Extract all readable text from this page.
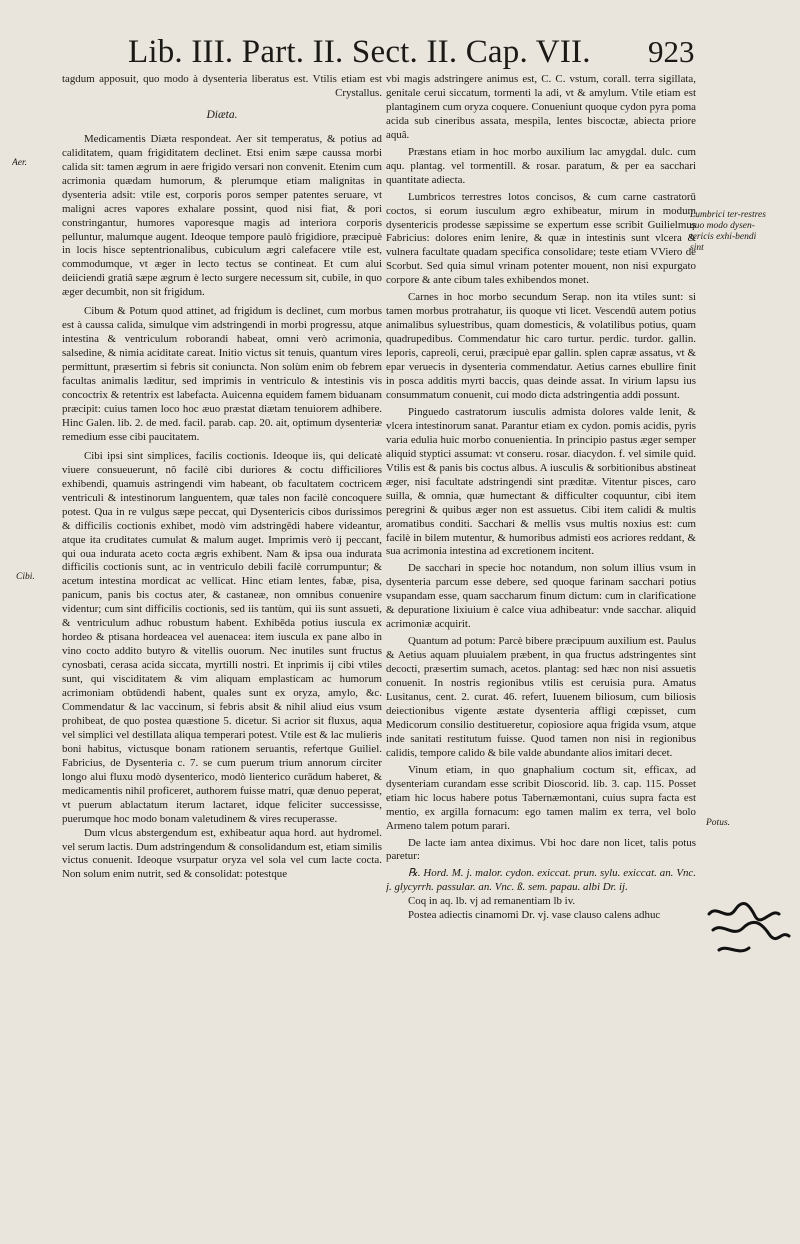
Lib. III. Part. II. Sect. II. Cap. VII. 923
Aer.
Cibi.
Lumbrici ter-restres quo modo dysen-tericis exhi-bendi sint
Potus.

tagdum apposuit, quo modo à dysenteria liberatus est. Vtilis etiam est Crystallus.

Diæta.

Medicamentis Diæta respondeat. Aer sit temperatus, & potius ad caliditatem, quam frigiditatem declinet. Etsi enim sæpe caussa morbi calida sit: tamen ægrum in aere frigido versari non convenit. Etenim cum acrimonia quædam humorum, & plerumque etiam malignitas in dysenteria adsit: vtile est, corporis poros semper patentes seruare, vt maligni acres vapores exhalare possint, quod nisi fiat, & pori constringantur, humores vaporesque magis ad interiora corporis pelluntur, malumque augent. Ideoque tempore paulò frigidiore, præcipuè in locis hisce septentrionalibus, cubiculum ægri calefacere vtile est, commodumque, vt æger in lecto tectus se contineat. Et cum alui deiiciendi gratiâ sæpe ægrum è lecto surgere necessum sit, cubile, in quo æger decumbit, non sit frigidum.

Cibum & Potum quod attinet, ad frigidum is declinet, cum morbus est à caussa calida, simulque vim adstringendi in morbi progressu, atque intestina & ventriculum roborandi habeat, omni verò acrimonia, salsedine, & nimia aciditate careat. Initio victus sit tenuis, quantum vires permittunt, præsertim si febris sit coniuncta. Non solùm enim ob febrem facultas animalis læditur, sed imprimis in ventriculo & intestinis vis concoctrix & retentrix est labefacta. Auicenna equidem famem biduanam præcipit: cuius tamen loco hoc æuo præstat diætam tenuiorem adhibere. Hinc Galen. lib. 2. de med. facil. parab. cap. 20. ait, optimum dysenteriæ remedium esse cibi paucitatem.

Cibi ipsi sint simplices, facilis coctionis. Ideoque iis, qui delicatè viuere consueuerunt, nõ facilè cibi duriores & coctu difficiliores exhibendi, quamuis astringendi vim habeant, ob facultatem coctricem ventriculi & intestinorum languentem, quæ tales non facilè concoquere potest. Qua in re vulgus sæpe peccat, qui Dysentericis cibos durissimos & difficilis coctionis exhibet, modò vim adstringēdi habere videantur, atque ita cruditates cumulat & malum auget. Imprimis verò ij peccant, qui oua indurata aceto cocta ægris exhibent. Nam & ipsa oua indurata difficilis coctionis sunt, ac in ventriculo debili facilè corrumpuntur; & acetum intestina mordicat ac vellicat. Hinc etiam lentes, fabæ, pisa, panicum, panis bis coctus ater, & castaneæ, non omnibus conuenire videntur; cum sint difficilis coctionis, sed iis tantùm, qui iis sunt assueti, & ventriculum adhuc robustum habent. Exhibēda potius iuscula ex hordeo & ptisana hordeacea vel auenacea: item iuscula ex pane albo in vino cocto addito butyro & vitellis ouorum. Nec inutiles sunt fructus cynosbati, cerasa acida siccata, myrtilli nostri. Et inprimis ij cibi vtiles sunt, qui visciditatem & vim aliquam emplasticam ac humorum acrimoniam obtūdendi habent, quales sunt ex oryza, amylo, &c. Commendatur & lac vaccinum, si febris absit & nihil aliud eius vsum prohibeat, de quo postea quæstione 5. dicetur. Si acrior sit fluxus, aqua vel simplici vel destillata aliqua temperari potest. Vtile est & lac mulieris boni habitus, victusque bonam rationem seruantis, refertque Guiliel. Fabricius, de Dysenteria c. 7. se cum puerum trium annorum circiter longo alui fluxu modò dysenterico, modò lienterico curādum haberet, & medicamentis nihil proficeret, authorem fuisse matri, quæ denuo peperat, vt puerum ablactatum iterum lactaret, idque feliciter successisse, puerumque hoc modo bonam valetudinem & vires recuperasse.

Dum vlcus abstergendum est, exhibeatur aqua hord. aut hydromel. vel serum lactis. Dum adstringendum & consolidandum est, etiam similis victus conuenit. Ideoque vsurpatur oryza vel sola vel cum lacte cocta. Non solum enim nutrit, sed & consolidat: potestque

vbi magis adstringere animus est, C. C. vstum, corall. terra sigillata, genitale cerui siccatum, tormenti la adi, vt & amylum. Vtile etiam est plantaginem cum oryza coquere. Conueniunt quoque cydon pyra poma acida sub cineribus assata, mespila, lentes biscoctæ, abiecta priore aquâ.

Præstans etiam in hoc morbo auxilium lac amygdal. dulc. cum aqu. plantag. vel tormentill. & rosar. paratum, & per ea sacchari quantitate adiecta.

Lumbricos terrestres lotos concisos, & cum carne castratorū coctos, si eorum iusculum ægro exhibeatur, mirum in modum dysentericis prodesse sæpissime se expertum esse scribit Guilielmus Fabricius: dolores enim lenire, & quæ in intestinis sunt vlcera & vulnera facultate quadam specifica consolidare; teste etiam VViero de Scorbut. Sed quia simul vrinam potenter mouent, non nisi expurgato corpore & ante cibum tales exhibendos monet.

Carnes in hoc morbo secundum Serap. non ita vtiles sunt: si tamen morbus protrahatur, iis quoque vti licet. Vescendū autem potius animalibus syluestribus, quam domesticis, & volatilibus potius, quam quadrupedibus. Commendatur hic caro turtur. perdic. turdor. gallin. leporis, capreoli, cerui, præcipuè epar gallin. splen capræ assatus, vt & epar veruecis in dysenteria commendatur. Aetius carnes ebullire finit in posca additis myrti baccis, quas deinde assat. In virium lapsu ius consummatum conuenit, cui modo dicta adstringentia addi possunt.

Pinguedo castratorum iusculis admista dolores valde lenit, & vlcera intestinorum sanat. Parantur etiam ex cydon. pomis acidis, pyris varia edulia huic morbo conuenientia. In principio pastus æger semper aliquid styptici assumat: vt conseru. rosar. diacydon. f. vel simile quid. Vtilis est & panis bis coctus albus. A iusculis & sorbitionibus abstineat æger, nisi facultate adstringendi sint præditæ. Vitentur pisces, caro suilla, & omnia, quæ humectant & difficulter coquuntur, cibi item peregrini & quibus æger non est assuetus. Cibi item calidi & multis aromatibus conditi. Sacchari & mellis vsus multis noxius est: cum facilè in bilem mutentur, & humoribus admisti eos acriores reddant, & sua acrimonia intestina ad excretionem incitent.

De sacchari in specie hoc notandum, non solum illius vsum in dysenteria parcum esse debere, sed quoque farinam sacchari potius vsupandam esse, quam saccharum finum dictum: cum in clarificatione & depuratione lixiuium è calce viua adhibeatur: vnde sacchar. aliquid acrimoniæ acquirit.

Quantum ad potum: Parcè bibere præcipuum auxilium est. Paulus & Aetius aquam pluuialem præbent, in qua fructus adstringentes sint decocti, præsertim sumach, acetos. plantag: sed hæc non nisi assuetis conuenit. In nostris regionibus vtilis est ceruisia pura. Amatus Lusitanus, cent. 2. curat. 46. refert, Iuuenem biliosum, cum biliosis deiectionibus vigente æstate dysenteria affligi cœpisset, cum Medicorum consilio destitueretur, copiosiore aqua frigida vsum, atque inde sanitati restitutum fuisse. Quod tamen non nisi in regionibus calidis, tempore calido & bile valde abundante alios imitari decet.

Vinum etiam, in quo gnaphalium coctum sit, efficax, ad dysenteriam curandam esse scribit Dioscorid. lib. 3. cap. 115. Posset etiam hic locus habere potus Tabernæmontani, cuius supra facta est mentio, ex argilla fornacum: ego tamen malim ex terra, vel bolo Armeno talem potum parari.

De lacte iam antea diximus. Vbi hoc dare non licet, talis potus paretur:

℞. Hord. M. j. malor. cydon. exiccat. prun. sylu. exiccat. an. Vnc. j. glycyrrh. passular. an. Vnc. ß. sem. papau. albi Dr. ij.

Coq in aq. lb. vj ad remanentiam lb iv.

Postea adiectis cinamomi Dr. vj. vase clauso calens adhuc
